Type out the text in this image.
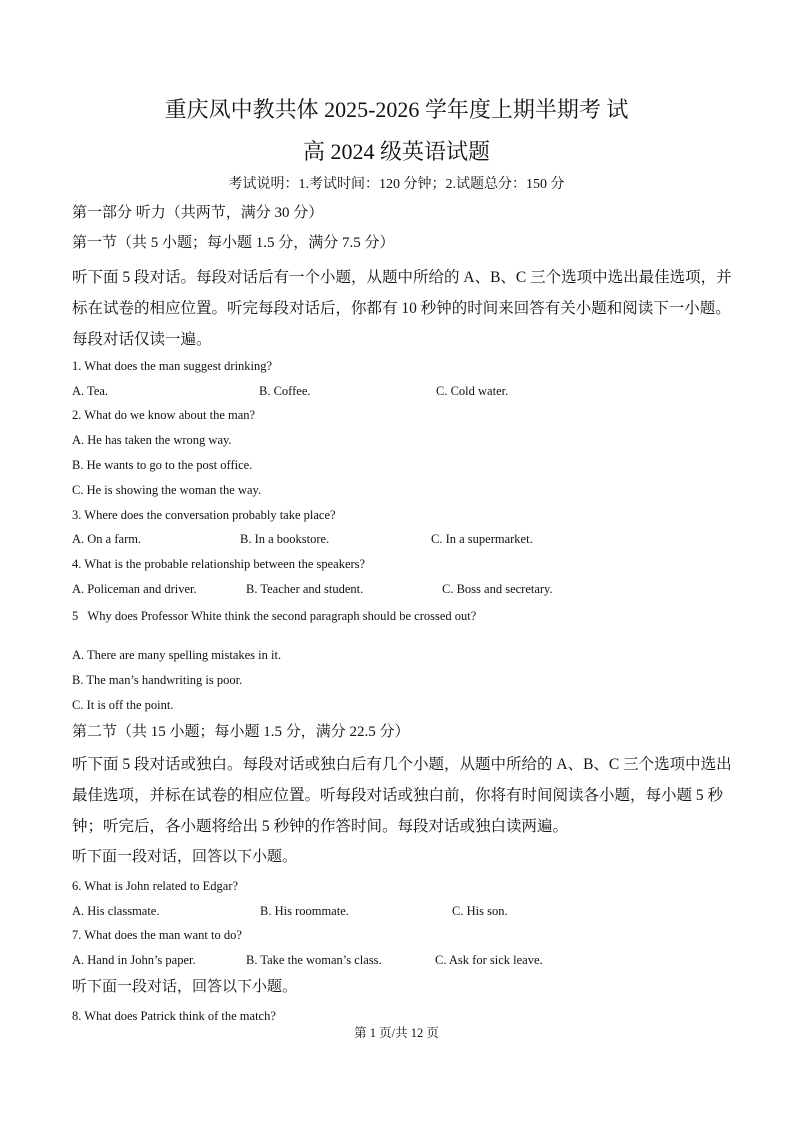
重庆凤中教共体 2025-2026 学年度上期半期考 试
高 2024 级英语试题
考试说明：1.考试时间：120 分钟；2.试题总分：150 分
第一部分 听力（共两节，满分 30 分）
第一节（共 5 小题；每小题 1.5 分，满分 7.5 分）
听下面 5 段对话。每段对话后有一个小题，从题中所给的 A、B、C 三个选项中选出最佳选项，并标在试卷的相应位置。听完每段对话后，你都有 10 秒钟的时间来回答有关小题和阅读下一小题。每段对话仅读一遍。
1. What does the man suggest drinking?
A. Tea.	B. Coffee.	C. Cold water.
2. What do we know about the man?
A. He has taken the wrong way.
B. He wants to go to the post office.
C. He is showing the woman the way.
3. Where does the conversation probably take place?
A. On a farm.	B. In a bookstore.	C. In a supermarket.
4. What is the probable relationship between the speakers?
A. Policeman and driver.	B. Teacher and student.	C. Boss and secretary.
5   Why does Professor White think the second paragraph should be crossed out?
A. There are many spelling mistakes in it.
B. The man’s handwriting is poor.
C. It is off the point.
第二节（共 15 小题；每小题 1.5 分，满分 22.5 分）
听下面 5 段对话或独白。每段对话或独白后有几个小题，从题中所给的 A、B、C 三个选项中选出最佳选项，并标在试卷的相应位置。听每段对话或独白前，你将有时间阅读各小题，每小题 5 秒钟；听完后，各小题将给出 5 秒钟的作答时间。每段对话或独白读两遍。
听下面一段对话，回答以下小题。
6. What is John related to Edgar?
A. His classmate.	B. His roommate.	C. His son.
7. What does the man want to do?
A. Hand in John’s paper.	B. Take the woman’s class.	C. Ask for sick leave.
听下面一段对话，回答以下小题。
8. What does Patrick think of the match?
第 1 页/共 12 页
